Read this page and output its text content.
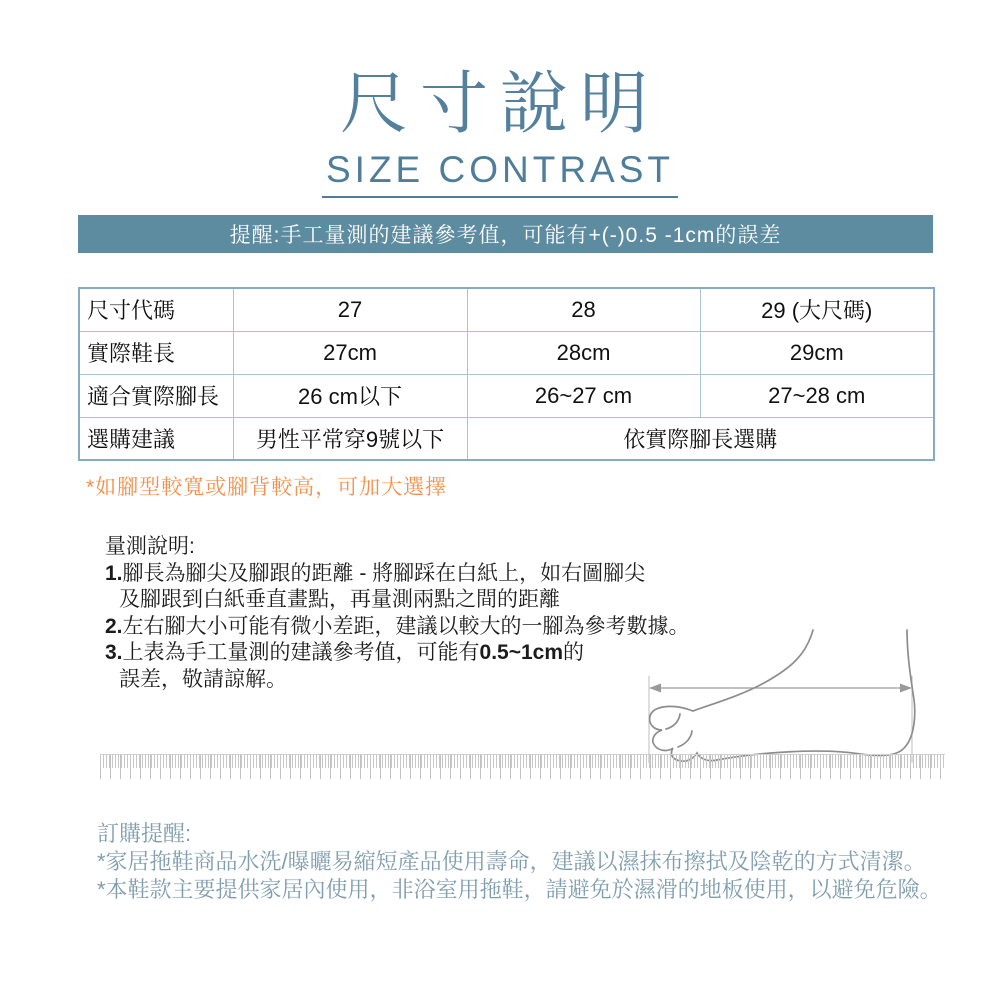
尺寸說明
SIZE CONTRAST
提醒:手工量測的建議參考值，可能有+(-)0.5 -1cm的誤差
尺寸代碼	27	28	29 (大尺碼)
實際鞋長	27cm	28cm	29cm
適合實際腳長	26 cm以下	26~27 cm	27~28 cm
選購建議	男性平常穿9號以下	依實際腳長選購	
*如腳型較寬或腳背較高，可加大選擇
量測說明:
1.腳長為腳尖及腳跟的距離 - 將腳踩在白紙上，如右圖腳尖
及腳跟到白紙垂直畫點，再量測兩點之間的距離
2.左右腳大小可能有微小差距，建議以較大的一腳為參考數據。
3.上表為手工量測的建議參考值，可能有0.5~1cm的
誤差，敬請諒解。
訂購提醒:
*家居拖鞋商品水洗/曝曬易縮短產品使用壽命，建議以濕抹布擦拭及陰乾的方式清潔。
*本鞋款主要提供家居內使用，非浴室用拖鞋，請避免於濕滑的地板使用，以避免危險。
